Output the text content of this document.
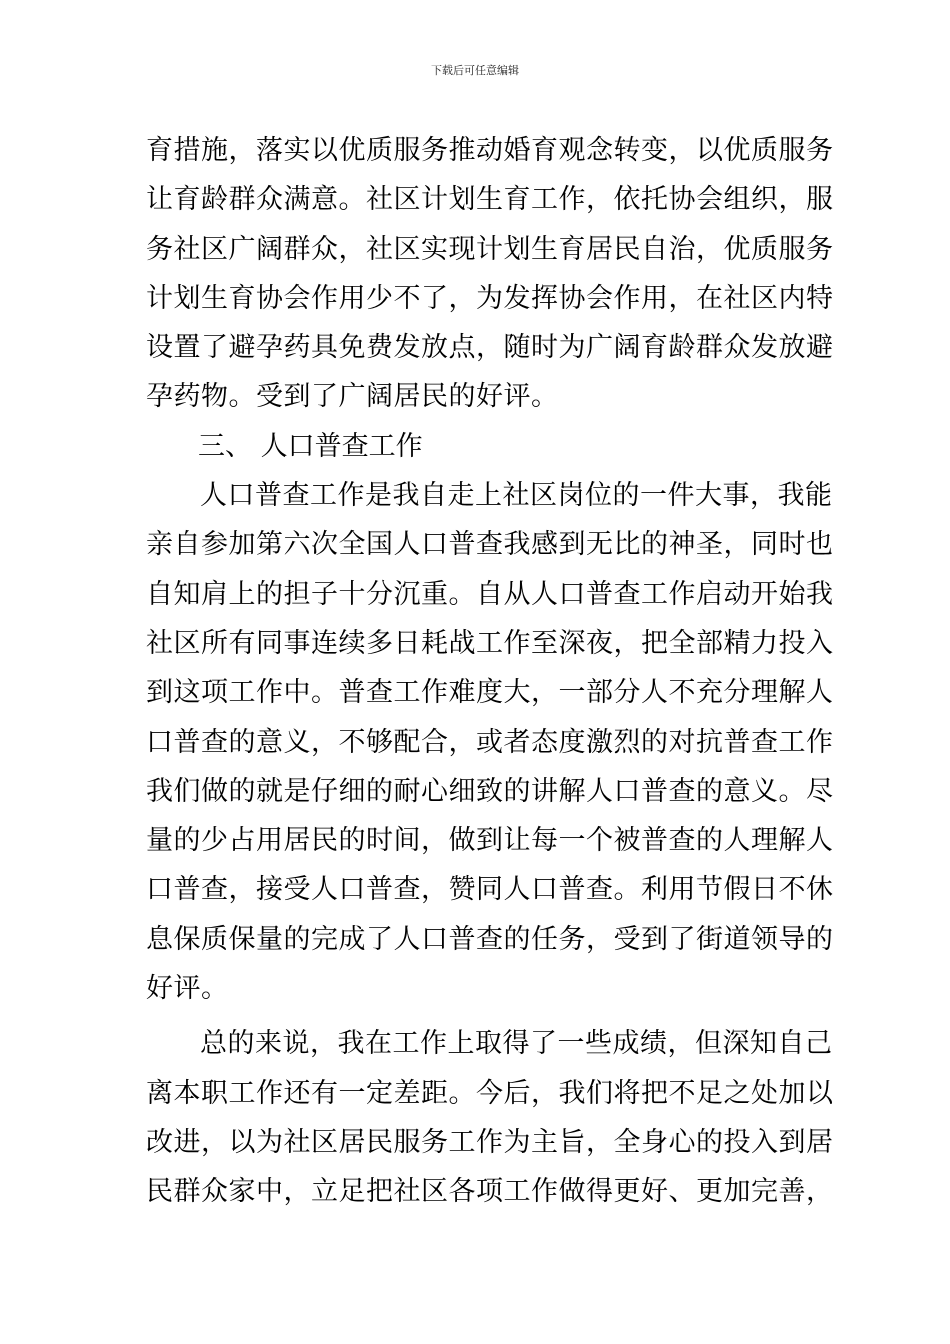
下载后可任意编辑
育措施，落实以优质服务推动婚育观念转变，以优质服务
让育龄群众满意。社区计划生育工作，依托协会组织，服
务社区广阔群众，社区实现计划生育居民自治，优质服务
计划生育协会作用少不了，为发挥协会作用，在社区内特
设置了避孕药具免费发放点，随时为广阔育龄群众发放避
孕药物。受到了广阔居民的好评。
三、 人口普查工作
人口普查工作是我自走上社区岗位的一件大事，我能
亲自参加第六次全国人口普查我感到无比的神圣，同时也
自知肩上的担子十分沉重。自从人口普查工作启动开始我
社区所有同事连续多日耗战工作至深夜，把全部精力投入
到这项工作中。普查工作难度大，一部分人不充分理解人
口普查的意义，不够配合，或者态度激烈的对抗普查工作
我们做的就是仔细的耐心细致的讲解人口普查的意义。尽
量的少占用居民的时间，做到让每一个被普查的人理解人
口普查，接受人口普查，赞同人口普查。利用节假日不休
息保质保量的完成了人口普查的任务，受到了街道领导的
好评。
总的来说，我在工作上取得了一些成绩，但深知自己
离本职工作还有一定差距。今后，我们将把不足之处加以
改进，以为社区居民服务工作为主旨，全身心的投入到居
民群众家中，立足把社区各项工作做得更好、更加完善，
